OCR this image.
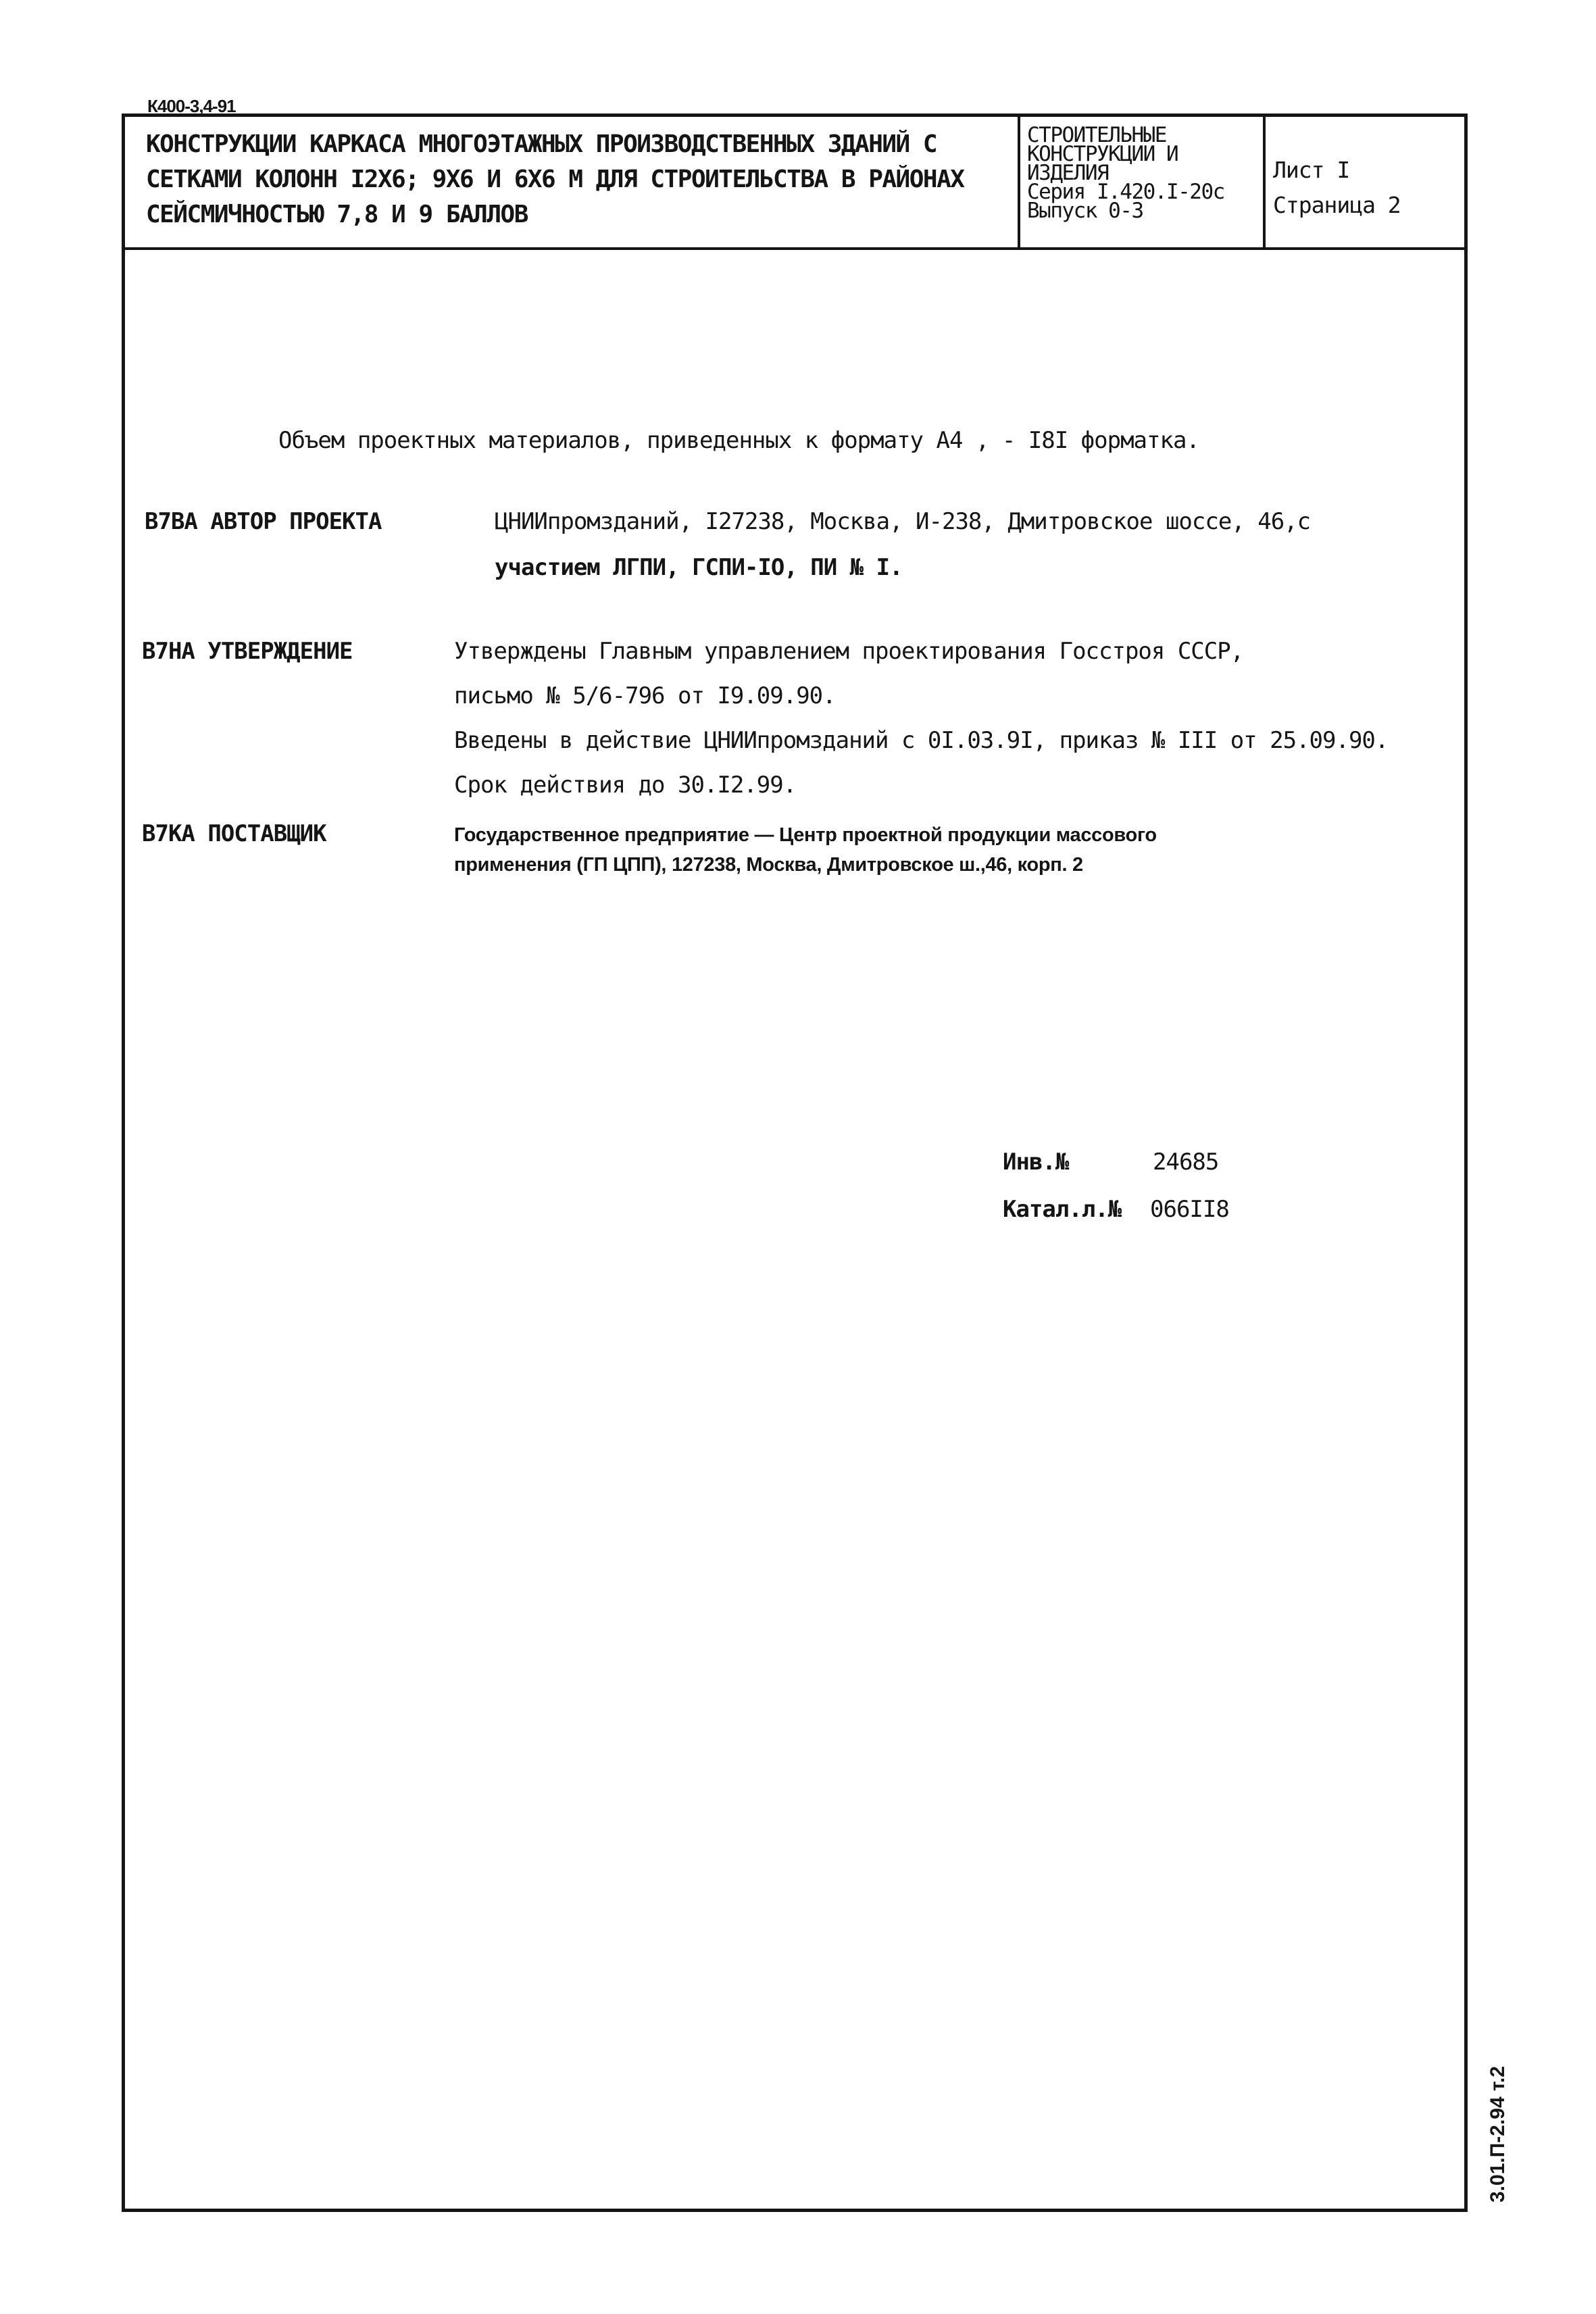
К400-3,4-91
КОНСТРУКЦИИ КАРКАСА МНОГОЭТАЖНЫХ ПРОИЗВОДСТВЕННЫХ ЗДАНИЙ С
СЕТКАМИ КОЛОНН I2X6; 9X6 И 6X6 М ДЛЯ СТРОИТЕЛЬСТВА В РАЙОНАХ
СЕЙСМИЧНОСТЬЮ 7,8 И 9 БАЛЛОВ
СТРОИТЕЛЬНЫЕ
КОНСТРУКЦИИ И
ИЗДЕЛИЯ
Серия I.420.I-20с
Выпуск 0-3
Лист I
Страница 2
Объем проектных материалов, приведенных к формату А4 , - I8I форматка.
В7ВА АВТОР ПРОЕКТА	ЦНИИпромзданий, I27238, Москва, И-238, Дмитровское шоссе, 46,с
участием ЛГПИ, ГСПИ-IО, ПИ № I.
В7НА УТВЕРЖДЕНИЕ	Утверждены Главным управлением проектирования Госстроя СССР,
письмо № 5/6-796 от I9.09.90.
Введены в действие ЦНИИпромзданий с 0I.03.9I, приказ № III от 25.09.90.
Срок действия до 30.I2.99.
В7КА ПОСТАВЩИК	Государственное предприятие — Центр проектной продукции массового
применения (ГП ЦПП), 127238, Москва, Дмитровское ш.,46, корп. 2
Инв.№	24685
Катал.л.№ 066II8
3.01.П-2.94 т.2
